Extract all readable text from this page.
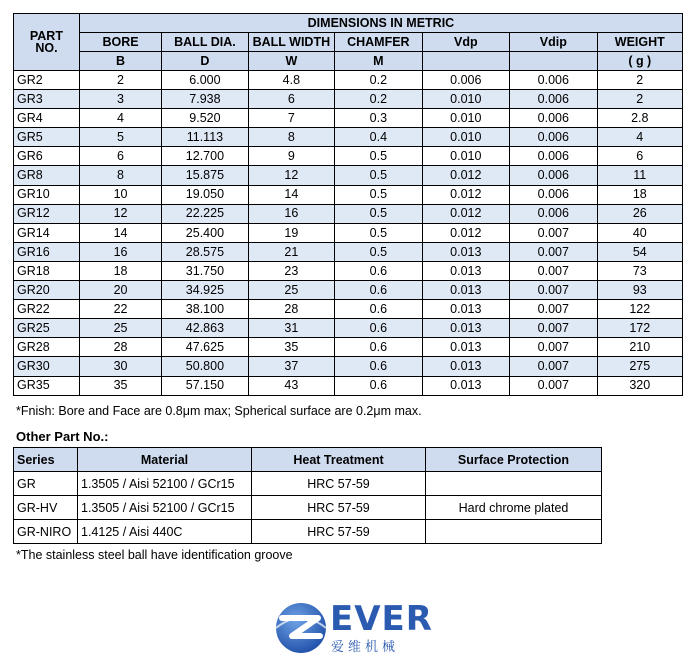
PART
NO.	DIMENSIONS IN METRIC						
	BORE	BALL DIA.	BALL WIDTH	CHAMFER	Vdp	Vdip	WEIGHT
	B	D	W	M			( g )
GR2	2	6.000	4.8	0.2	0.006	0.006	2
GR3	3	7.938	6	0.2	0.010	0.006	2
GR4	4	9.520	7	0.3	0.010	0.006	2.8
GR5	5	11.113	8	0.4	0.010	0.006	4
GR6	6	12.700	9	0.5	0.010	0.006	6
GR8	8	15.875	12	0.5	0.012	0.006	11
GR10	10	19.050	14	0.5	0.012	0.006	18
GR12	12	22.225	16	0.5	0.012	0.006	26
GR14	14	25.400	19	0.5	0.012	0.007	40
GR16	16	28.575	21	0.5	0.013	0.007	54
GR18	18	31.750	23	0.6	0.013	0.007	73
GR20	20	34.925	25	0.6	0.013	0.007	93
GR22	22	38.100	28	0.6	0.013	0.007	122
GR25	25	42.863	31	0.6	0.013	0.007	172
GR28	28	47.625	35	0.6	0.013	0.007	210
GR30	30	50.800	37	0.6	0.013	0.007	275
GR35	35	57.150	43	0.6	0.013	0.007	320
*Fnish: Bore and Face are 0.8μm max; Spherical surface are 0.2μm max.
Other Part No.:
Series	Material	Heat Treatment	Surface Protection
GR	1.3505 / Aisi 52100 / GCr15	HRC 57-59	
GR-HV	1.3505 / Aisi 52100 / GCr15	HRC 57-59	Hard chrome plated
GR-NIRO	1.4125 / Aisi 440C	HRC 57-59	
*The stainless steel ball have identification groove
EVER
爱维机械
